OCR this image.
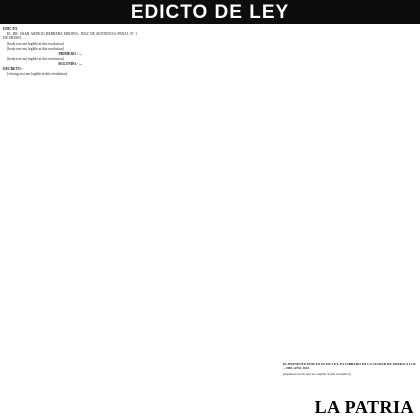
EDICTO DE LEY

EDICTO.

EL DR. OSAR ARDIGO HERRERA MEDINA, JUEZ DE SENTENCIA PENAL Nº 1 DE ORURO, ...

[body text not legible at this resolution]

[body text not legible at this resolution]

PRIMERO.- ...

[body text not legible at this resolution]

SEGUNDO.- ...

DECRETO.-

[closing text not legible at this resolution]

EL PRESENTE EDICTO ES DE LEY. ES LIBRADO EN LA CIUDAD DE ORURO A LOS ... DEL AÑO 2023.
[signature block text not legible at this resolution]
LA PATRIA
